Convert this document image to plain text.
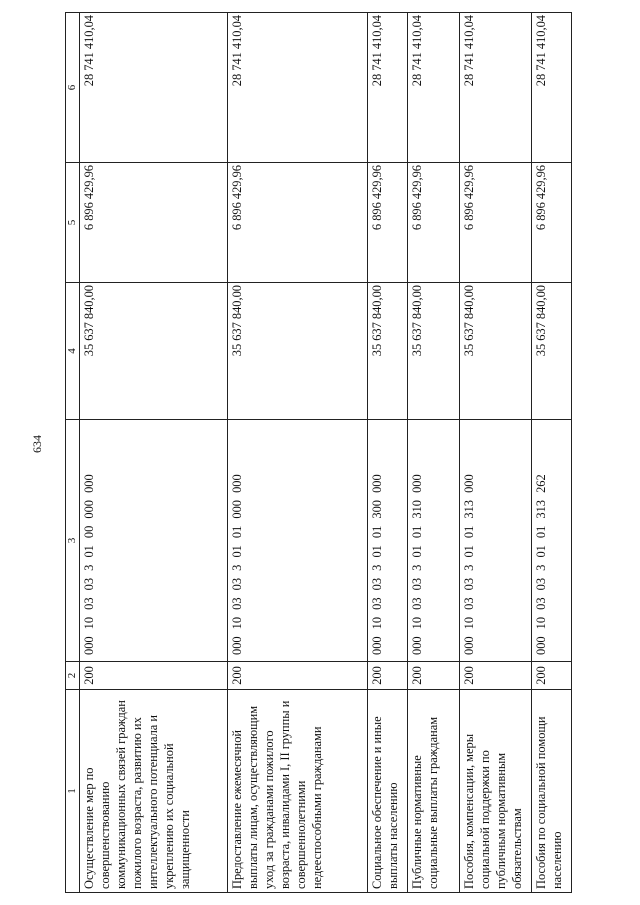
634
1	2	3	4	5	6
Осуществление мер по совершенствованию коммуникационных связей граждан пожилого возраста, развитию их интеллектуального потенциала и укреплению их социальной защищенности	200	000 10 03 03 3 01 00 000 000	35 637 840,00	6 896 429,96	28 741 410,04
Предоставление ежемесячной выплаты лицам, осуществляющим уход за гражданами пожилого возраста, инвалидами I, II группы и совершеннолетними недееспособными гражданами	200	000 10 03 03 3 01 01 000 000	35 637 840,00	6 896 429,96	28 741 410,04
Социальное обеспечение и иные выплаты населению	200	000 10 03 03 3 01 01 300 000	35 637 840,00	6 896 429,96	28 741 410,04
Публичные нормативные социальные выплаты гражданам	200	000 10 03 03 3 01 01 310 000	35 637 840,00	6 896 429,96	28 741 410,04
Пособия, компенсации, меры социальной поддержки по публичным нормативным обязательствам	200	000 10 03 03 3 01 01 313 000	35 637 840,00	6 896 429,96	28 741 410,04
Пособия по социальной помощи населению	200	000 10 03 03 3 01 01 313 262	35 637 840,00	6 896 429,96	28 741 410,04
